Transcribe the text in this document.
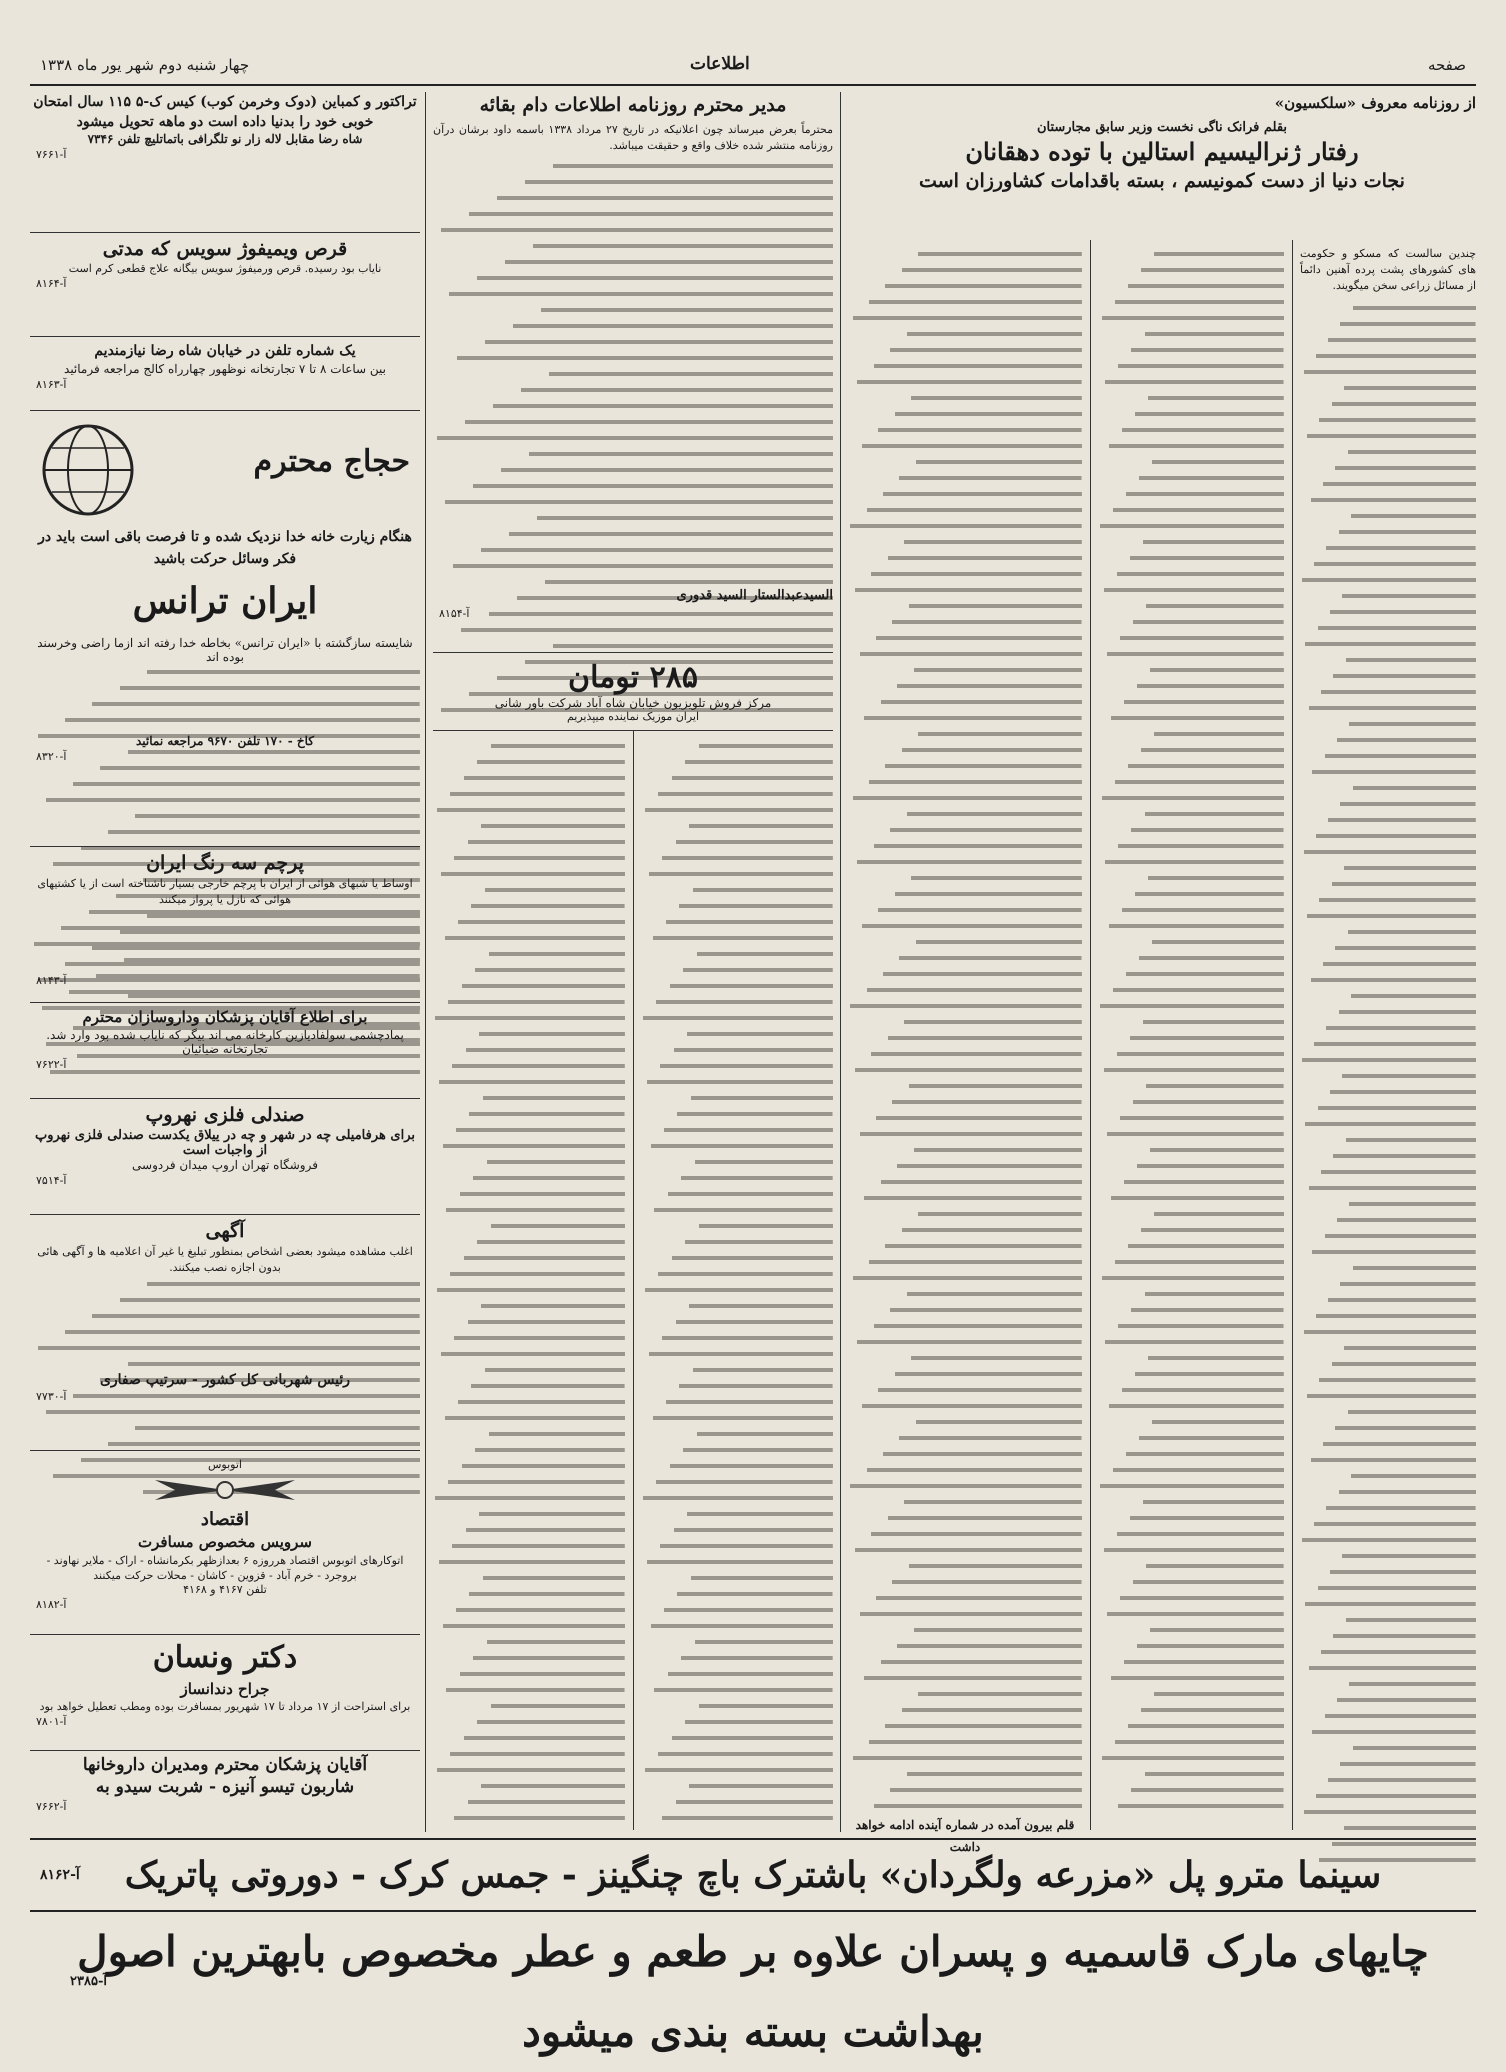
صفحه
اطلاعات
چهار شنبه دوم شهر یور ماه ۱۳۳۸
از روزنامه معروف «سلکسیون»
بقلم فرانک ناگی نخست وزیر سابق مجارستان
رفتار ژنرالیسیم استالین با توده دهقانان
نجات دنیا از دست کمونیسم ، بسته باقدامات کشاورزان است

چندین سالست که مسکو و حکومت های کشورهای پشت پرده آهنین دائماً از مسائل زراعی سخن میگویند.

قلم بیرون آمده در شماره آینده ادامه خواهد داشت
مدیر محترم روزنامه اطلاعات دام بقائه

محترماً بعرض میرساند چون اعلانیکه در تاریخ ۲۷ مرداد ۱۳۳۸ باسمه داود برشان درآن روزنامه منتشر شده خلاف واقع و حقیقت میباشد.

السیدعبدالستار السید قدوری
آ-۸۱۵۴
۲۸۵ تومان
مرکز فروش تلویزیون خیابان شاه آباد شرکت باور شانی
ایران موزیک نماینده میپذیریم
تراکتور و کمباین (دوک وخرمن کوب) کیس ک-۵ ۱۱۵ سال امتحان خوبی خود را بدنیا داده است دو ماهه تحویل میشود
شاه رضا مقابل لاله زار نو تلگرافی باتماتلیچ تلفن ۷۳۴۶
آ-۷۶۶۱
قرص ویمیفوژ سویس که مدتی
نایاب بود رسیده. قرص ورمیفوژ سویس بیگانه علاج قطعی کرم است
آ-۸۱۶۴
یک شماره تلفن در خیابان شاه رضا نیازمندیم
بین ساعات ۸ تا ۷ تجارتخانه نوظهور چهارراه کالج مراجعه فرمائید
آ-۸۱۶۳
حجاج محترم
هنگام زیارت خانه خدا نزدیک شده و تا فرصت باقی است باید در فکر وسائل حرکت باشید
ایران ترانس
شایسته سازگشته با «ایران ترانس» بخاطه خدا رفته اند ازما راضی وخرسند بوده اند
کاخ - ۱۷۰ تلفن ۹۶۷۰ مراجعه نمائید
آ-۸۳۲۰
پرچم سه رنگ ایران
اوساط یا شبهای هوائی از ایران با پرچم خارجی بسیار ناشناخته است از یا کشتیهای هوائی که نازل یا پرواز میکنند
آ-۸۱۴۳
برای اطلاع آقایان پزشکان وداروسازان محترم
پمادچشمی سولفادیازین کارخانه می اند بیگر که نایاب شده بود وارد شد. تجارتخانه ضیائیان
آ-۷۶۲۲
صندلی فلزی نهروپ
برای هرفامیلی چه در شهر و چه در ییلاق یکدست صندلی فلزی نهروپ از واجبات است
فروشگاه تهران اروپ میدان فردوسی
آ-۷۵۱۴
آگهی
اغلب مشاهده میشود بعضی اشخاص بمنظور تبلیغ یا غیر آن اعلامیه ها و آگهی هائی بدون اجازه نصب میکنند.
رئیس شهربانی کل کشور - سرتیپ صفاری
آ-۷۷۳۰
اتوبوس
اقتصاد
سرویس مخصوص مسافرت
اتوکارهای اتوبوس اقتصاد هرروزه ۶ بعدازظهر بکرمانشاه - اراک - ملایر نهاوند - بروجرد - خرم آباد - قزوین - کاشان - محلات حرکت میکنند
تلفن ۴۱۶۷ و ۴۱۶۸
آ-۸۱۸۲
دکتر ونسان
جراح دندانساز
برای استراحت از ۱۷ مرداد تا ۱۷ شهریور بمسافرت بوده ومطب تعطیل خواهد بود
آ-۷۸۰۱
آقایان پزشکان محترم ومدیران داروخانها
شاربون تیسو آنیزه - شربت سیدو به
آ-۷۶۶۲
سینما مترو پل «مزرعه ولگردان» باشترک باچ چنگینز - جمس کرک - دوروتی پاتریک
آ-۸۱۶۲
چایهای مارک قاسمیه و پسران علاوه بر طعم و عطر مخصوص بابهترین اصول بهداشت بسته بندی میشود
آ-۲۳۸۵
